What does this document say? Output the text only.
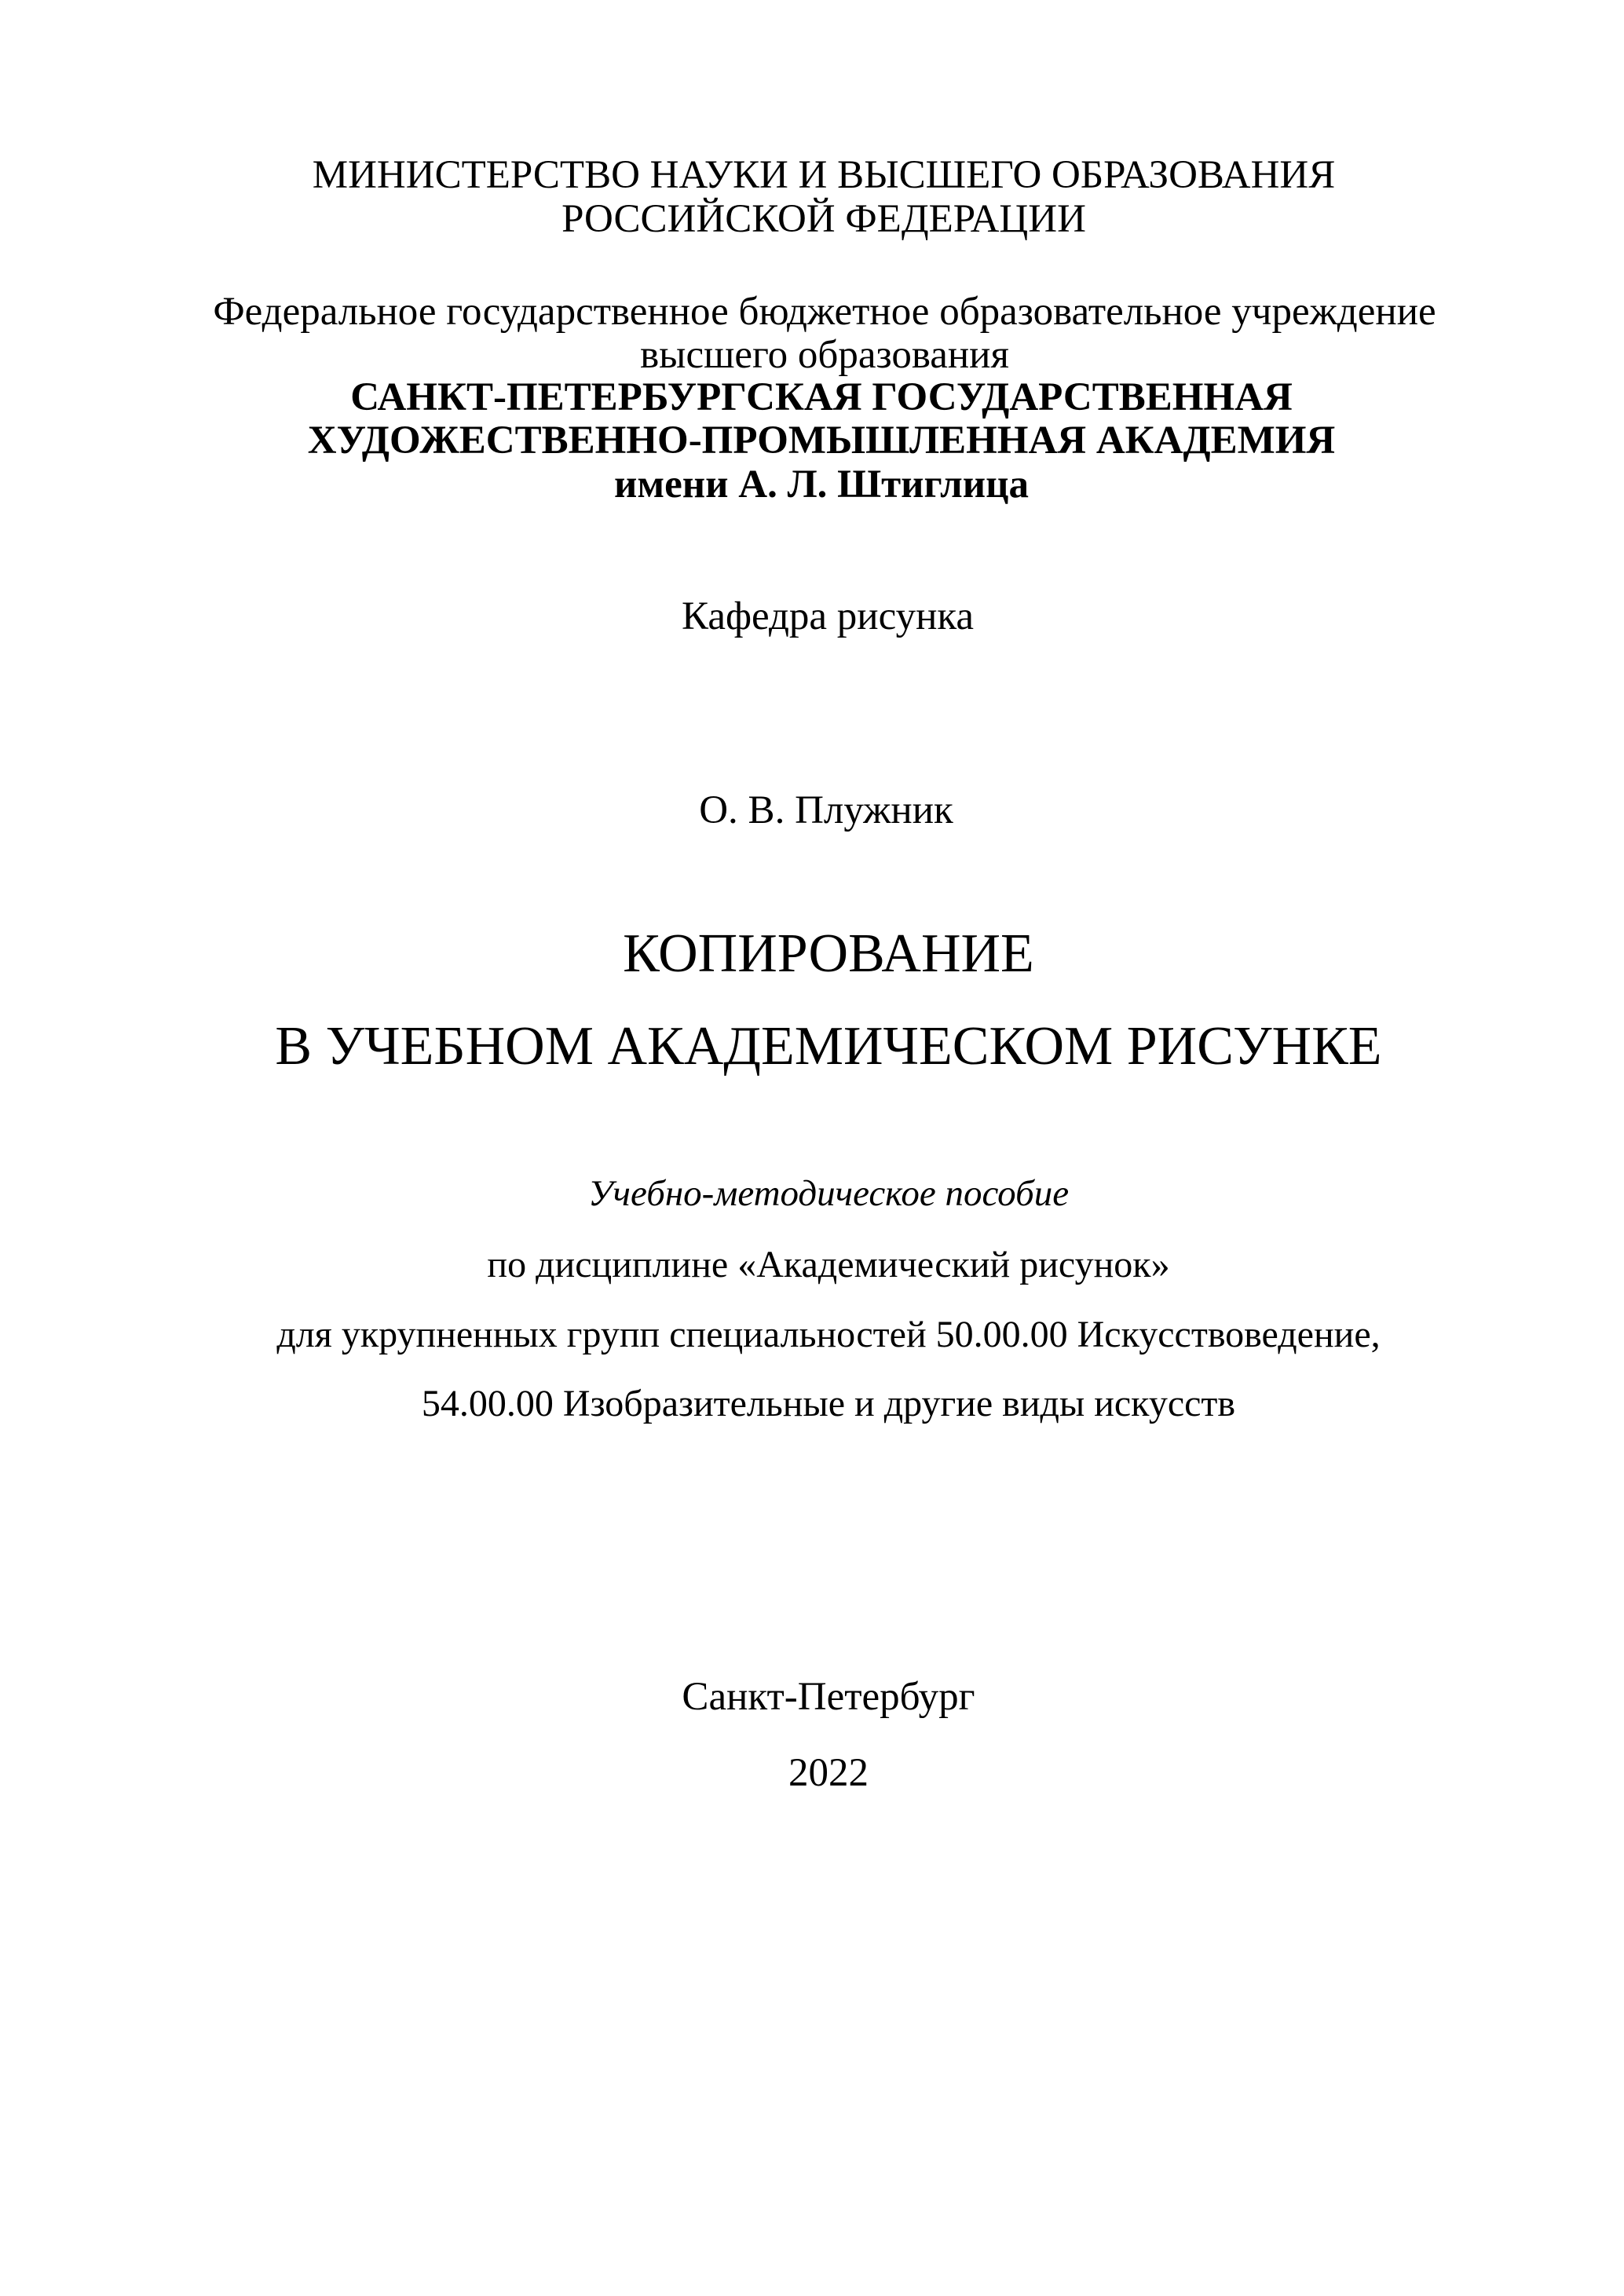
МИНИСТЕРСТВО НАУКИ И ВЫСШЕГО ОБРАЗОВАНИЯ
РОССИЙСКОЙ ФЕДЕРАЦИИ
Федеральное государственное бюджетное образовательное учреждение
высшего образования
САНКТ-ПЕТЕРБУРГСКАЯ ГОСУДАРСТВЕННАЯ
ХУДОЖЕСТВЕННО-ПРОМЫШЛЕННАЯ АКАДЕМИЯ
имени А. Л. Штиглица
Кафедра рисунка
О. В. Плужник
КОПИРОВАНИЕ
В УЧЕБНОМ АКАДЕМИЧЕСКОМ РИСУНКЕ
Учебно-методическое пособие
по дисциплине «Академический рисунок»
для укрупненных групп специальностей 50.00.00 Искусствоведение,
54.00.00 Изобразительные и другие виды искусств
Санкт-Петербург
2022
